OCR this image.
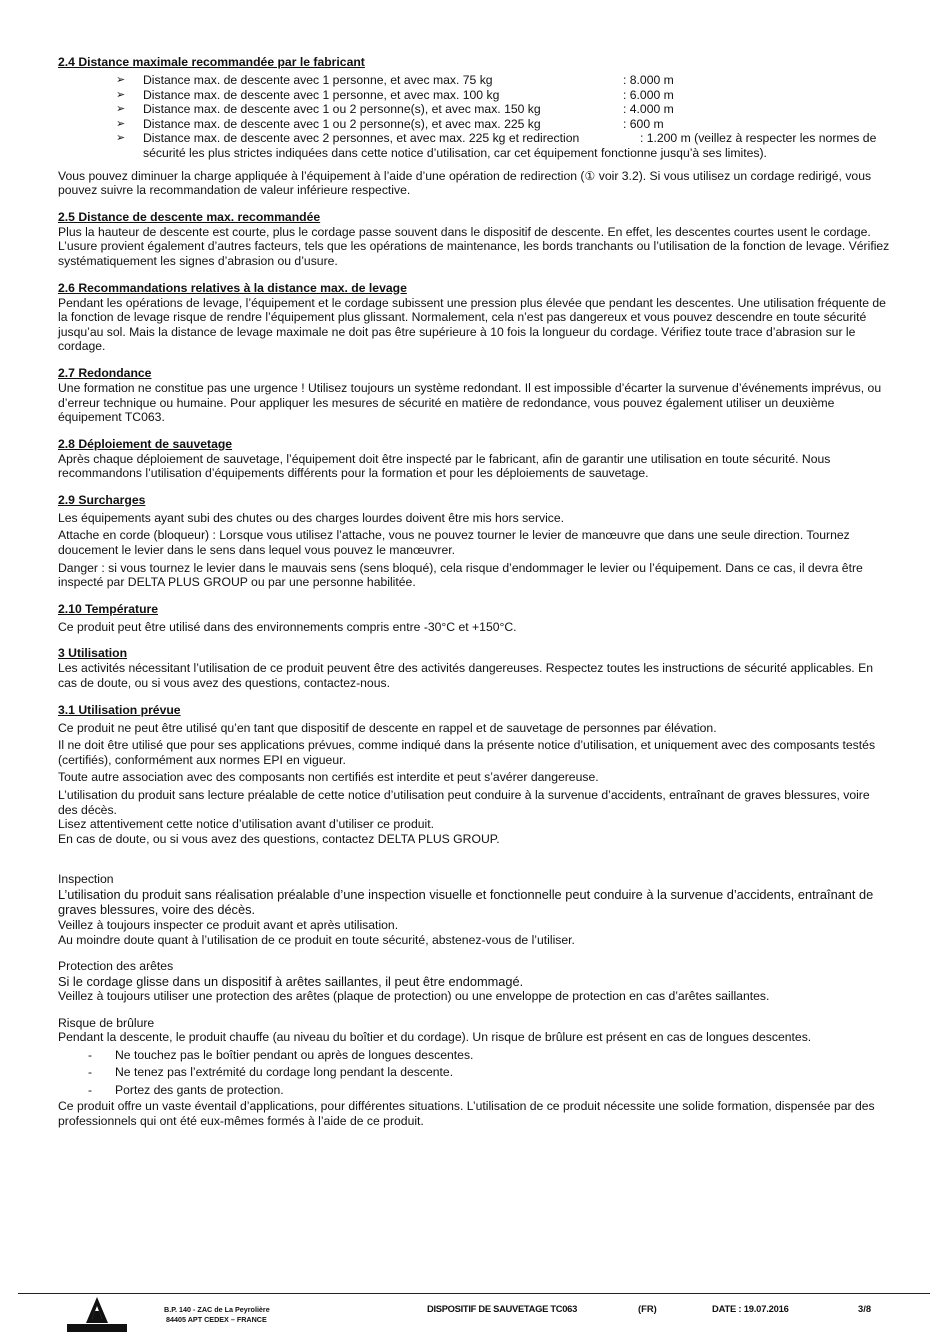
2.4 Distance maximale recommandée par le fabricant
➢ Distance max. de descente avec 1 personne, et avec max. 75 kg	: 8.000 m
➢ Distance max. de descente avec 1 personne, et avec max. 100 kg	: 6.000 m
➢ Distance max. de descente avec 1 ou 2 personne(s), et avec max. 150 kg	: 4.000 m
➢ Distance max. de descente avec 1 ou 2 personne(s), et avec max. 225 kg	: 600 m
➢ Distance max. de descente avec 2 personnes, et avec max. 225 kg et redirection	: 1.200 m (veillez à respecter les normes de sécurité les plus strictes indiquées dans cette notice d’utilisation, car cet équipement fonctionne jusqu’à ses limites).

Vous pouvez diminuer la charge appliquée à l’équipement à l’aide d’une opération de redirection (① voir 3.2). Si vous utilisez un cordage redirigé, vous pouvez suivre la recommandation de valeur inférieure respective.

2.5 Distance de descente max. recommandée

Plus la hauteur de descente est courte, plus le cordage passe souvent dans le dispositif de descente. En effet, les descentes courtes usent le cordage. L’usure provient également d’autres facteurs, tels que les opérations de maintenance, les bords tranchants ou l’utilisation de la fonction de levage. Vérifiez systématiquement les signes d’abrasion ou d’usure.

2.6 Recommandations relatives à la distance max. de levage

Pendant les opérations de levage, l’équipement et le cordage subissent une pression plus élevée que pendant les descentes. Une utilisation fréquente de la fonction de levage risque de rendre l’équipement plus glissant. Normalement, cela n’est pas dangereux et vous pouvez descendre en toute sécurité jusqu’au sol. Mais la distance de levage maximale ne doit pas être supérieure à 10 fois la longueur du cordage. Vérifiez toute trace d’abrasion sur le cordage.

2.7 Redondance

Une formation ne constitue pas une urgence ! Utilisez toujours un système redondant. Il est impossible d’écarter la survenue d’événements imprévus, ou d’erreur technique ou humaine. Pour appliquer les mesures de sécurité en matière de redondance, vous pouvez également utiliser un deuxième équipement TC063.

2.8 Déploiement de sauvetage

Après chaque déploiement de sauvetage, l’équipement doit être inspecté par le fabricant, afin de garantir une utilisation en toute sécurité. Nous recommandons l’utilisation d’équipements différents pour la formation et pour les déploiements de sauvetage.

2.9 Surcharges

Les équipements ayant subi des chutes ou des charges lourdes doivent être mis hors service.

Attache en corde (bloqueur) : Lorsque vous utilisez l’attache, vous ne pouvez tourner le levier de manœuvre que dans une seule direction. Tournez doucement le levier dans le sens dans lequel vous pouvez le manœuvrer.

Danger : si vous tournez le levier dans le mauvais sens (sens bloqué), cela risque d’endommager le levier ou l’équipement. Dans ce cas, il devra être inspecté par DELTA PLUS GROUP ou par une personne habilitée.

2.10 Température

Ce produit peut être utilisé dans des environnements compris entre -30°C et +150°C.

3 Utilisation

Les activités nécessitant l’utilisation de ce produit peuvent être des activités dangereuses. Respectez toutes les instructions de sécurité applicables. En cas de doute, ou si vous avez des questions, contactez-nous.

3.1 Utilisation prévue

Ce produit ne peut être utilisé qu’en tant que dispositif de descente en rappel et de sauvetage de personnes par élévation.

Il ne doit être utilisé que pour ses applications prévues, comme indiqué dans la présente notice d’utilisation, et uniquement avec des composants testés (certifiés), conformément aux normes EPI en vigueur.

Toute autre association avec des composants non certifiés est interdite et peut s’avérer dangereuse.

L’utilisation du produit sans lecture préalable de cette notice d’utilisation peut conduire à la survenue d’accidents, entraînant de graves blessures, voire des décès.

Lisez attentivement cette notice d’utilisation avant d’utiliser ce produit.

En cas de doute, ou si vous avez des questions, contactez DELTA PLUS GROUP.

Inspection

L’utilisation du produit sans réalisation préalable d’une inspection visuelle et fonctionnelle peut conduire à la survenue d’accidents, entraînant de graves blessures, voire des décès.

Veillez à toujours inspecter ce produit avant et après utilisation.

Au moindre doute quant à l’utilisation de ce produit en toute sécurité, abstenez-vous de l’utiliser.

Protection des arêtes

Si le cordage glisse dans un dispositif à arêtes saillantes, il peut être endommagé.

Veillez à toujours utiliser une protection des arêtes (plaque de protection) ou une enveloppe de protection en cas d’arêtes saillantes.

Risque de brûlure

Pendant la descente, le produit chauffe (au niveau du boîtier et du cordage). Un risque de brûlure est présent en cas de longues descentes.

- Ne touchez pas le boîtier pendant ou après de longues descentes.
- Ne tenez pas l’extrémité du cordage long pendant la descente.
- Portez des gants de protection.

Ce produit offre un vaste éventail d’applications, pour différentes situations. L’utilisation de ce produit nécessite une solide formation, dispensée par des professionnels qui ont été eux-mêmes formés à l’aide de ce produit.

B.P. 140 - ZAC de La Peyrolière
84405 APT CEDEX – FRANCE
DISPOSITIF DE SAUVETAGE TC063	(FR)	DATE : 19.07.2016	3/8
